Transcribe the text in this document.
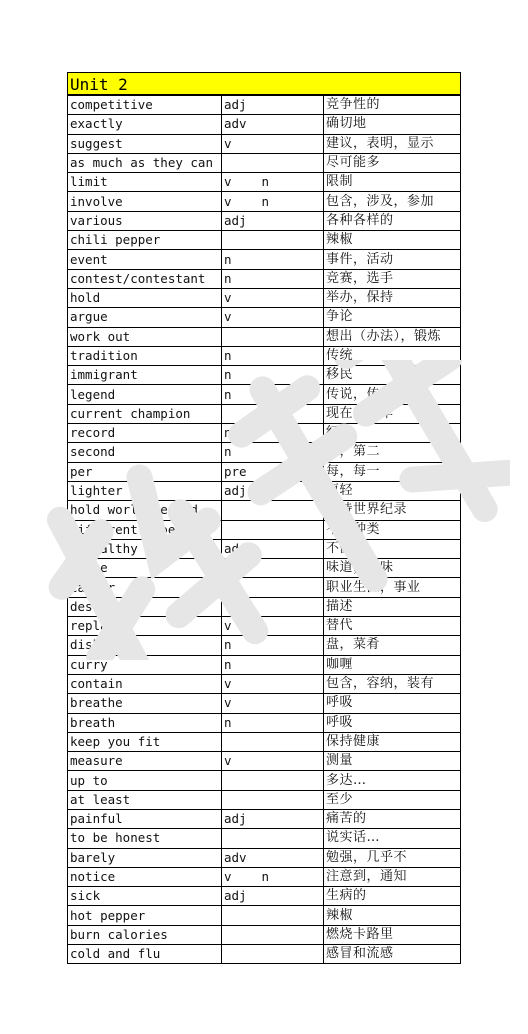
Unit 2
competitive	adj	竞争性的
exactly	adv	确切地
suggest	v	建议，表明，显示
as much as they can		尽可能多
limit	v n	限制
involve	v n	包含，涉及，参加
various	adj	各种各样的
chili pepper		辣椒
event	n	事件，活动
contest/contestant	n	竞赛，选手
hold	v	举办，保持
argue	v	争论
work out		想出（办法），锻炼
tradition	n	传统
immigrant	n	移民
legend	n	传说，传奇
current champion		现在的冠军
record	n	纪录
second	n	秒，第二
per	pre	每，每一
lighter	adj	更轻
hold world record		保持世界纪录
different types		不同种类
unhealthy	adj	不健康
taste	n	味道，品味
career	n	职业生涯，事业
describe	v	描述
replace	v	替代
dish	n	盘，菜肴
curry	n	咖喱
contain	v	包含，容纳，装有
breathe	v	呼吸
breath	n	呼吸
keep you fit		保持健康
measure	v	测量
up to		多达…
at least		至少
painful	adj	痛苦的
to be honest		说实话…
barely	adv	勉强，几乎不
notice	v n	注意到，通知
sick	adj	生病的
hot pepper		辣椒
burn calories		燃烧卡路里
cold and flu		感冒和流感
